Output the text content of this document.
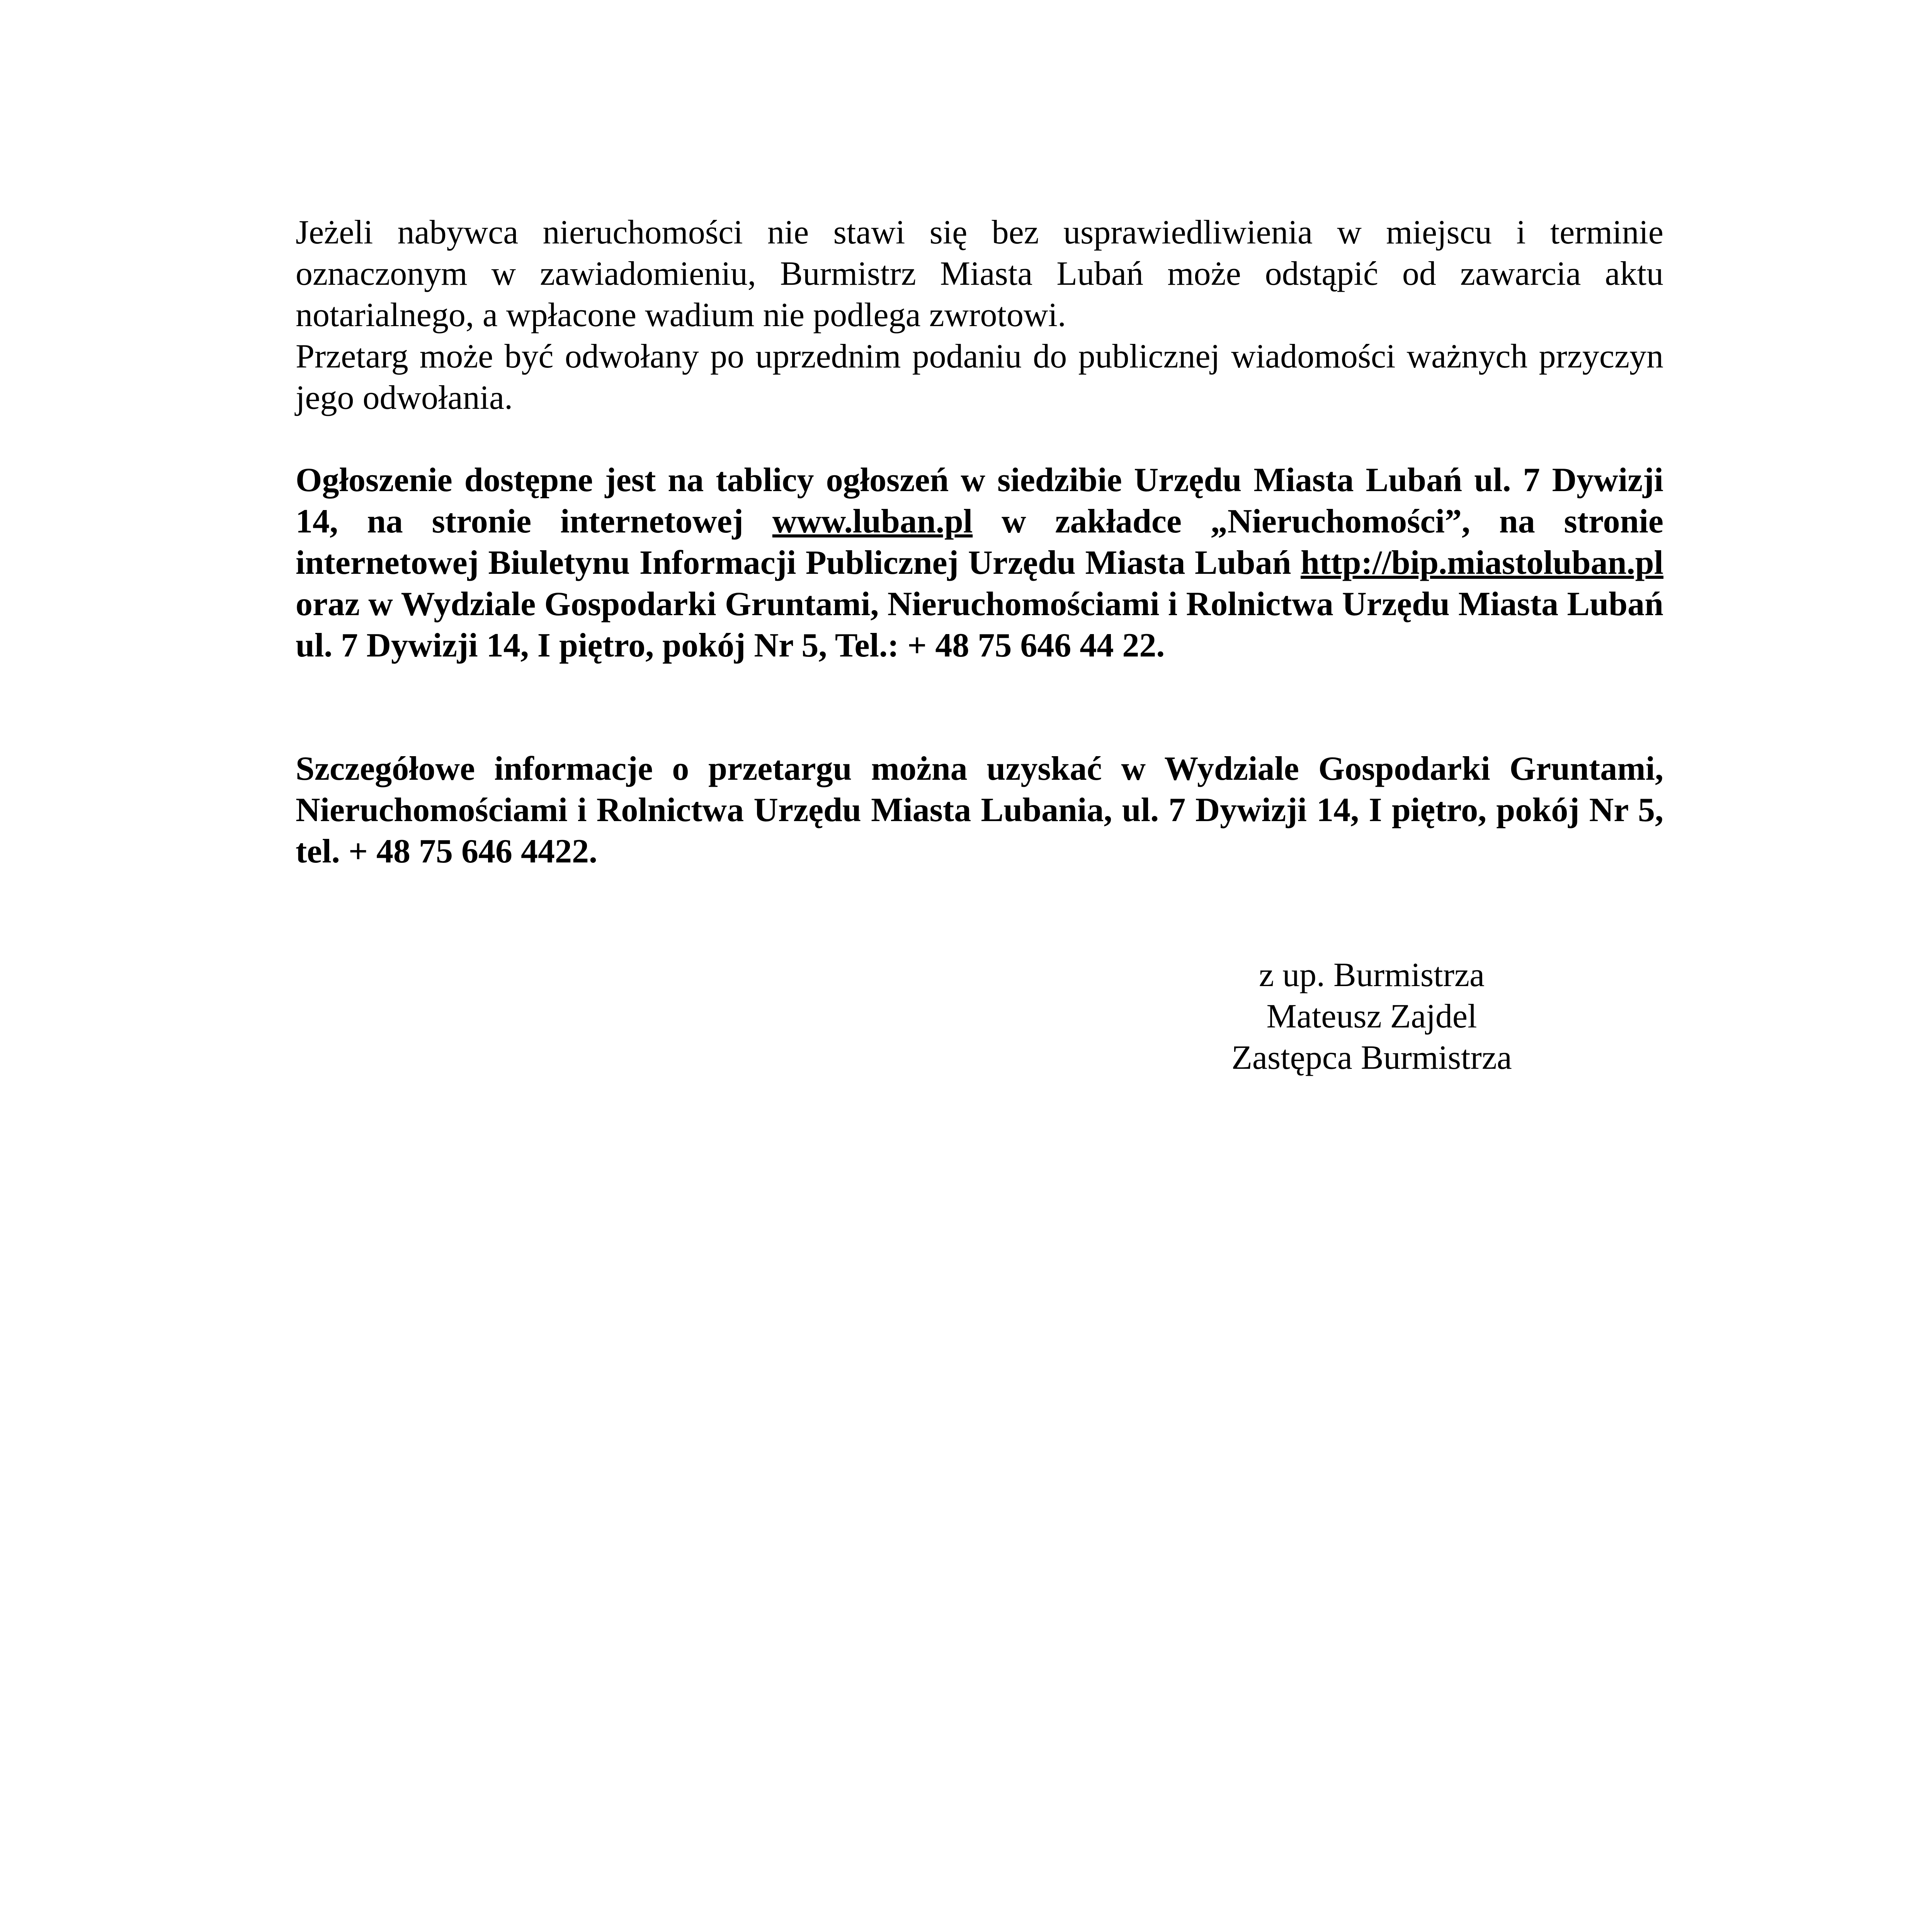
Jeżeli nabywca nieruchomości nie stawi się bez usprawiedliwienia w miejscu i terminie oznaczonym w zawiadomieniu, Burmistrz Miasta Lubań może odstąpić od zawarcia aktu notarialnego, a wpłacone wadium nie podlega zwrotowi.

Przetarg może być odwołany po uprzednim podaniu do publicznej wiadomości ważnych przyczyn jego odwołania.

Ogłoszenie dostępne jest na tablicy ogłoszeń w siedzibie Urzędu Miasta Lubań ul. 7 Dywizji 14, na stronie internetowej www.luban.pl w zakładce „Nieruchomości”, na stronie internetowej Biuletynu Informacji Publicznej Urzędu Miasta Lubań http://bip.miastoluban.pl oraz w Wydziale Gospodarki Gruntami, Nieruchomościami i Rolnictwa Urzędu Miasta Lubań ul. 7 Dywizji 14, I piętro, pokój Nr 5, Tel.: + 48 75 646 44 22.

Szczegółowe informacje o przetargu można uzyskać w Wydziale Gospodarki Gruntami, Nieruchomościami i Rolnictwa Urzędu Miasta Lubania, ul. 7 Dywizji 14, I piętro, pokój Nr 5, tel. + 48 75 646 4422.

z up. Burmistrza
Mateusz Zajdel
Zastępca Burmistrza
